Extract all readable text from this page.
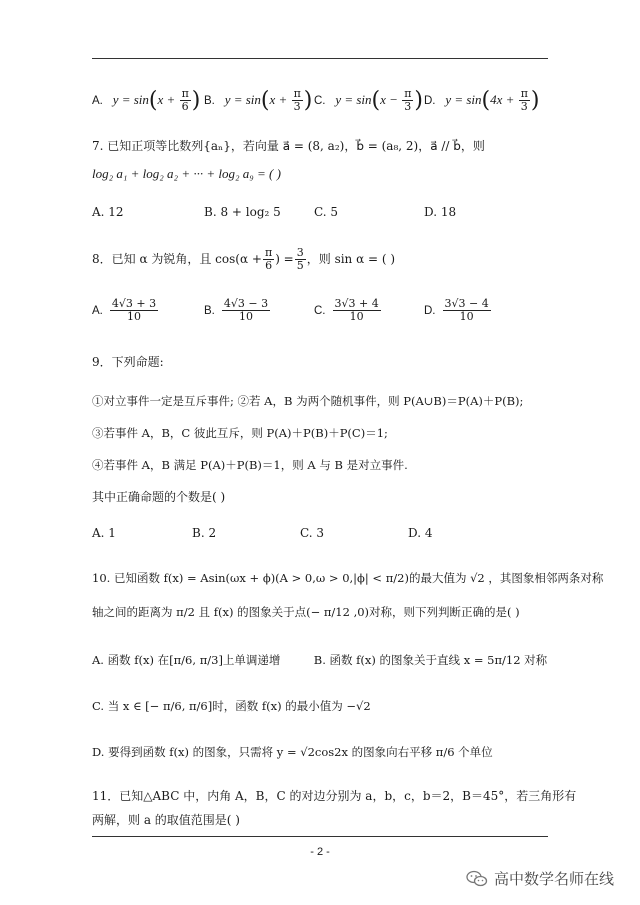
A. $y = \sin(x + \frac{\pi}{6}$ ) B. $y = \sin(x + \frac{\pi}{3}$ ) C. $y = \sin(x - \frac{\pi}{3}$ ) D. $y = \sin(4x + \frac{\pi}{3}$ )
7. 已知正项等比数列{aₙ}，若向量 a⃗ = (8, a₂)，b⃗ = (a₈, 2)，a⃗ // b⃗，则
log₂ a₁ + log₂ a₂ + ··· + log₂ a₉ = ( )
A. 12	B. 8 + log₂ 5	C. 5	D. 18
8．已知 α 为锐角，且 $\cos(\alpha + \frac{\pi}{6}$ ) = $\frac{3}{5}$ ，则 sin α = ( )
A. $\frac{4√3 + 3}{10}$	B. $\frac{4√3 - 3}{10}$	C. $\frac{3√3 + 4}{10}$	D. $\frac{3√3 - 4}{10}$
9．下列命题:
①对立事件一定是互斥事件; ②若 A，B 为两个随机事件，则 P(A∪B)＝P(A)＋P(B);
③若事件 A，B，C 彼此互斥，则 P(A)＋P(B)＋P(C)＝1;
④若事件 A，B 满足 P(A)＋P(B)＝1，则 A 与 B 是对立事件.
其中正确命题的个数是( )
A. 1	B. 2	C. 3	D. 4
10. 已知函数 f(x) = Asin(ωx + ϕ)(A > 0,ω > 0,|ϕ| < π/2)的最大值为 √2 ，其图象相邻两条对称
轴之间的距离为 π/2 且 f(x) 的图象关于点(− π/12 ,0)对称，则下列判断正确的是( )
A. 函数 f(x) 在[π/6, π/3]上单调递增	B. 函数 f(x) 的图象关于直线 x = 5π/12 对称
C. 当 x ∈ [− π/6, π/6]时，函数 f(x) 的最小值为 −√2
D. 要得到函数 f(x) 的图象，只需将 y = √2cos2x 的图象向右平移 π/6 个单位
11．已知△ABC 中，内角 A，B，C 的对边分别为 a，b，c，b＝2，B＝45°，若三角形有
两解，则 a 的取值范围是( )
- 2 -
高中数学名师在线
